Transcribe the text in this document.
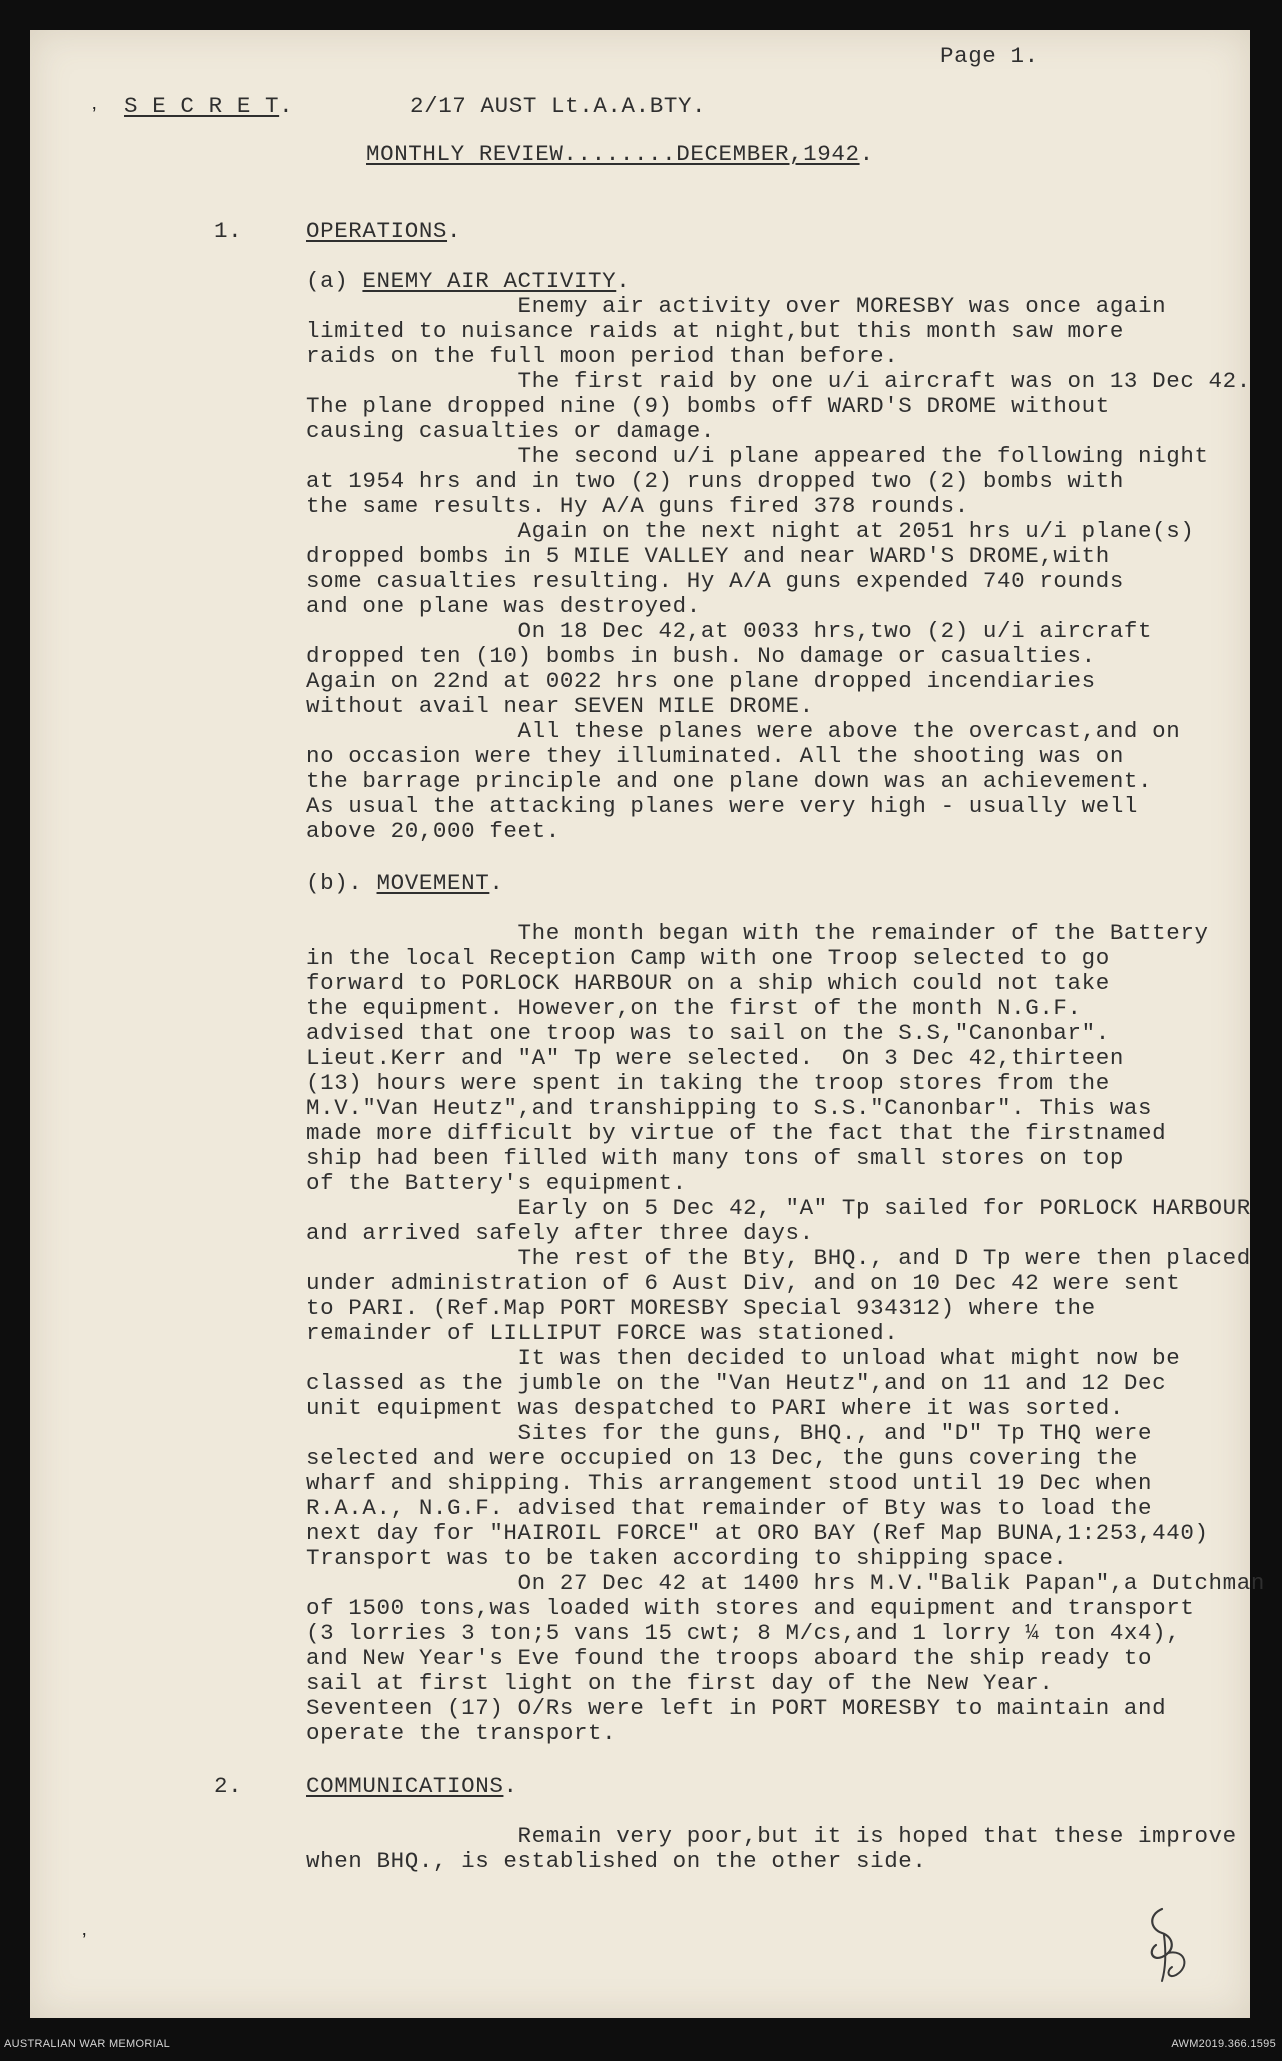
Page 1.
’ S E C R E T.	2/17 AUST Lt.A.A.BTY.
MONTHLY REVIEW........DECEMBER,1942.
1.	OPERATIONS.
(a) ENEMY AIR ACTIVITY.
Enemy air activity over MORESBY was once again
limited to nuisance raids at night,but this month saw more
raids on the full moon period than before.
The first raid by one u/i aircraft was on 13 Dec 42.
The plane dropped nine (9) bombs off WARD'S DROME without
causing casualties or damage.
The second u/i plane appeared the following night
at 1954 hrs and in two (2) runs dropped two (2) bombs with
the same results. Hy A/A guns fired 378 rounds.
Again on the next night at 2051 hrs u/i plane(s)
dropped bombs in 5 MILE VALLEY and near WARD'S DROME,with
some casualties resulting. Hy A/A guns expended 740 rounds
and one plane was destroyed.
On 18 Dec 42,at 0033 hrs,two (2) u/i aircraft
dropped ten (10) bombs in bush. No damage or casualties.
Again on 22nd at 0022 hrs one plane dropped incendiaries
without avail near SEVEN MILE DROME.
All these planes were above the overcast,and on
no occasion were they illuminated. All the shooting was on
the barrage principle and one plane down was an achievement.
As usual the attacking planes were very high - usually well
above 20,000 feet.
(b). MOVEMENT.
The month began with the remainder of the Battery
in the local Reception Camp with one Troop selected to go
forward to PORLOCK HARBOUR on a ship which could not take
the equipment. However,on the first of the month N.G.F.
advised that one troop was to sail on the S.S,"Canonbar".
Lieut.Kerr and "A" Tp were selected.  On 3 Dec 42,thirteen
(13) hours were spent in taking the troop stores from the
M.V."Van Heutz",and transhipping to S.S."Canonbar". This was
made more difficult by virtue of the fact that the firstnamed
ship had been filled with many tons of small stores on top
of the Battery's equipment.
Early on 5 Dec 42, "A" Tp sailed for PORLOCK HARBOUR
and arrived safely after three days.
The rest of the Bty, BHQ., and D Tp were then placed
under administration of 6 Aust Div, and on 10 Dec 42 were sent
to PARI. (Ref.Map PORT MORESBY Special 934312) where the
remainder of LILLIPUT FORCE was stationed.
It was then decided to unload what might now be
classed as the jumble on the "Van Heutz",and on 11 and 12 Dec
unit equipment was despatched to PARI where it was sorted.
Sites for the guns, BHQ., and "D" Tp THQ were
selected and were occupied on 13 Dec, the guns covering the
wharf and shipping. This arrangement stood until 19 Dec when
R.A.A., N.G.F. advised that remainder of Bty was to load the
next day for "HAIROIL FORCE" at ORO BAY (Ref Map BUNA,1:253,440)
Transport was to be taken according to shipping space.
On 27 Dec 42 at 1400 hrs M.V."Balik Papan",a Dutchman
of 1500 tons,was loaded with stores and equipment and transport
(3 lorries 3 ton;5 vans 15 cwt; 8 M/cs,and 1 lorry ¼ ton 4x4),
and New Year's Eve found the troops aboard the ship ready to
sail at first light on the first day of the New Year.
Seventeen (17) O/Rs were left in PORT MORESBY to maintain and
operate the transport.
2.	COMMUNICATIONS.
Remain very poor,but it is hoped that these improve
when BHQ., is established on the other side.
’
AUSTRALIAN WAR MEMORIAL	AWM2019.366.1595
